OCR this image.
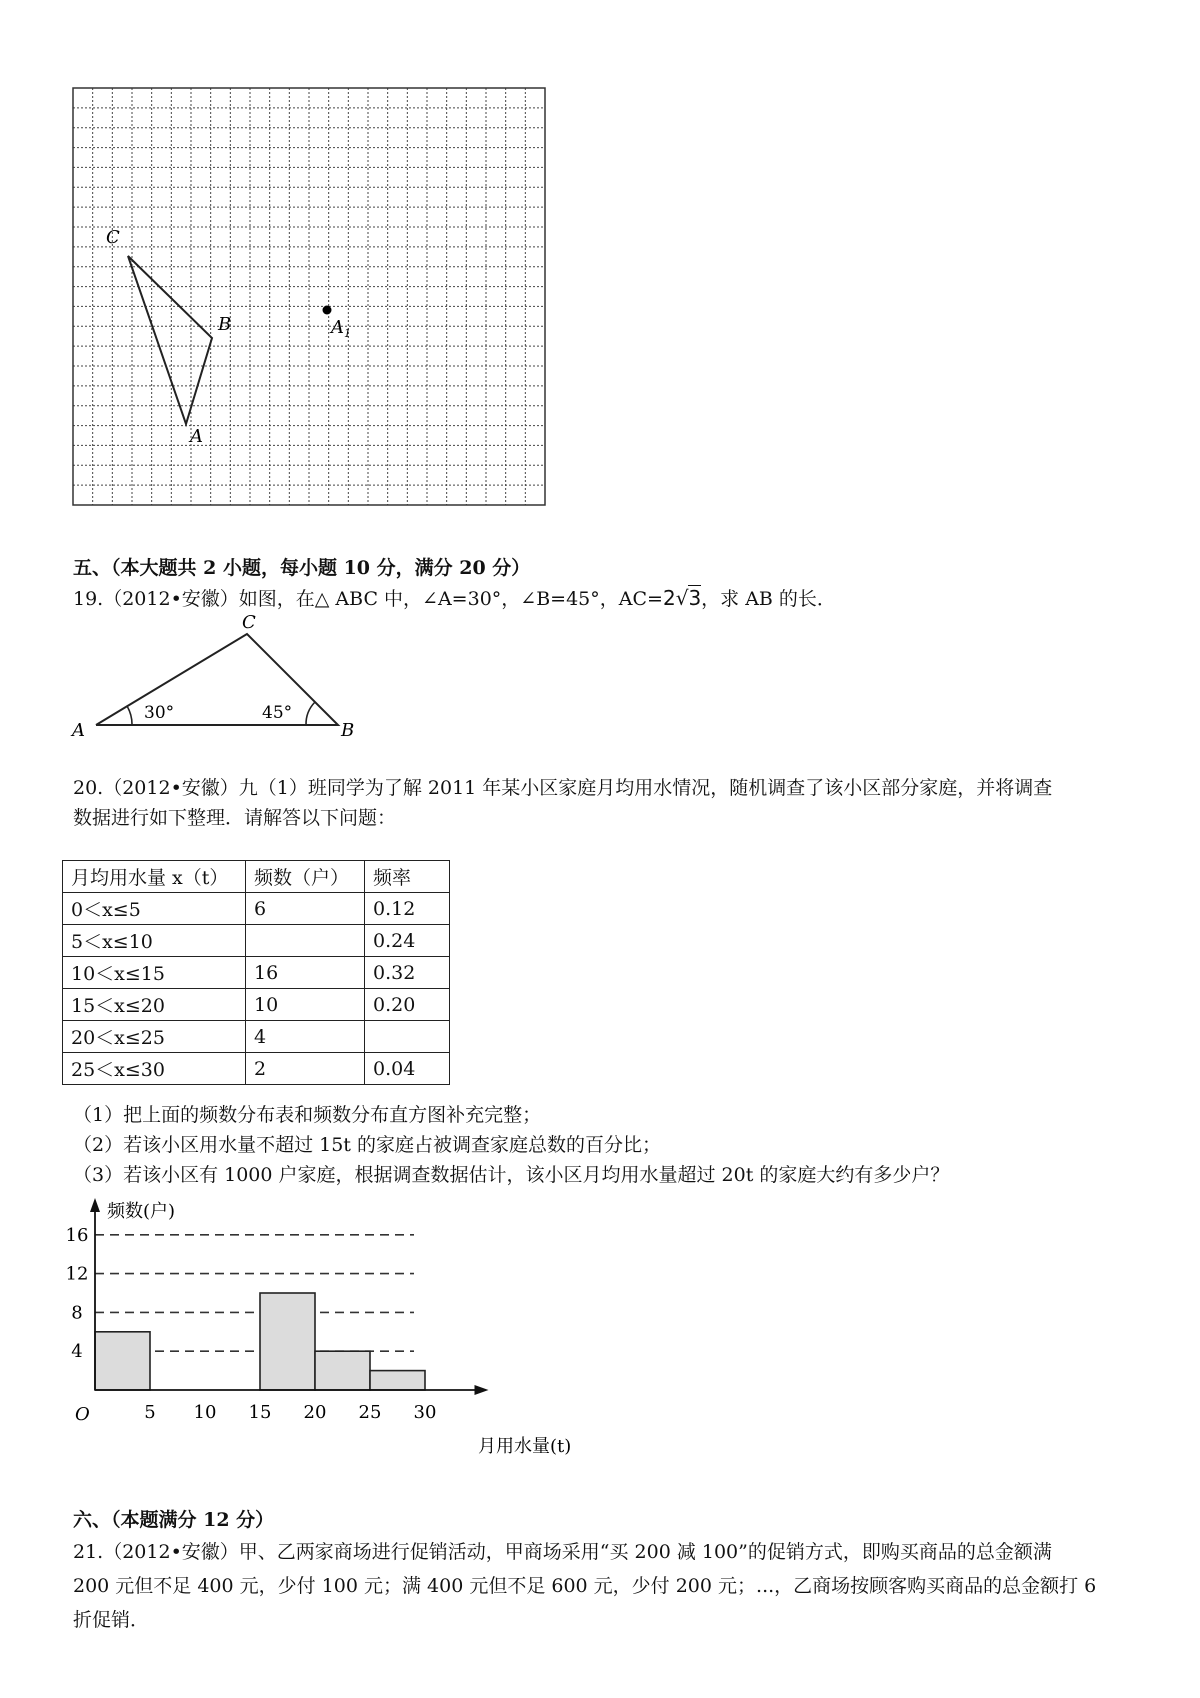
C
B
A
A 1
五、（本大题共 2 小题，每小题 10 分，满分 20 分）
19.（2012•安徽）如图，在△ ABC 中，∠A=30°，∠B=45°，AC=2√3，求 AB 的长．
C
A	B
30°	45°
20.（2012•安徽）九（1）班同学为了解 2011 年某小区家庭月均用水情况，随机调查了该小区部分家庭，并将调查
数据进行如下整理．请解答以下问题：
月均用水量 x（t）	频数（户）	频率
0＜x≤5	6	0.12
5＜x≤10		0.24
10＜x≤15	16	0.32
15＜x≤20	10	0.20
20＜x≤25	4	
25＜x≤30	2	0.04
（1）把上面的频数分布表和频数分布直方图补充完整；
（2）若该小区用水量不超过 15t 的家庭占被调查家庭总数的百分比；
（3）若该小区有 1000 户家庭，根据调查数据估计，该小区月均用水量超过 20t 的家庭大约有多少户？
5 10 15 20 25 30
4
8
12
16
O
频数(户)
月用水量(t)
六、（本题满分 12 分）
21.（2012•安徽）甲、乙两家商场进行促销活动，甲商场采用“买 200 减 100”的促销方式，即购买商品的总金额满
200 元但不足 400 元，少付 100 元；满 400 元但不足 600 元，少付 200 元；...，乙商场按顾客购买商品的总金额打 6
折促销．
